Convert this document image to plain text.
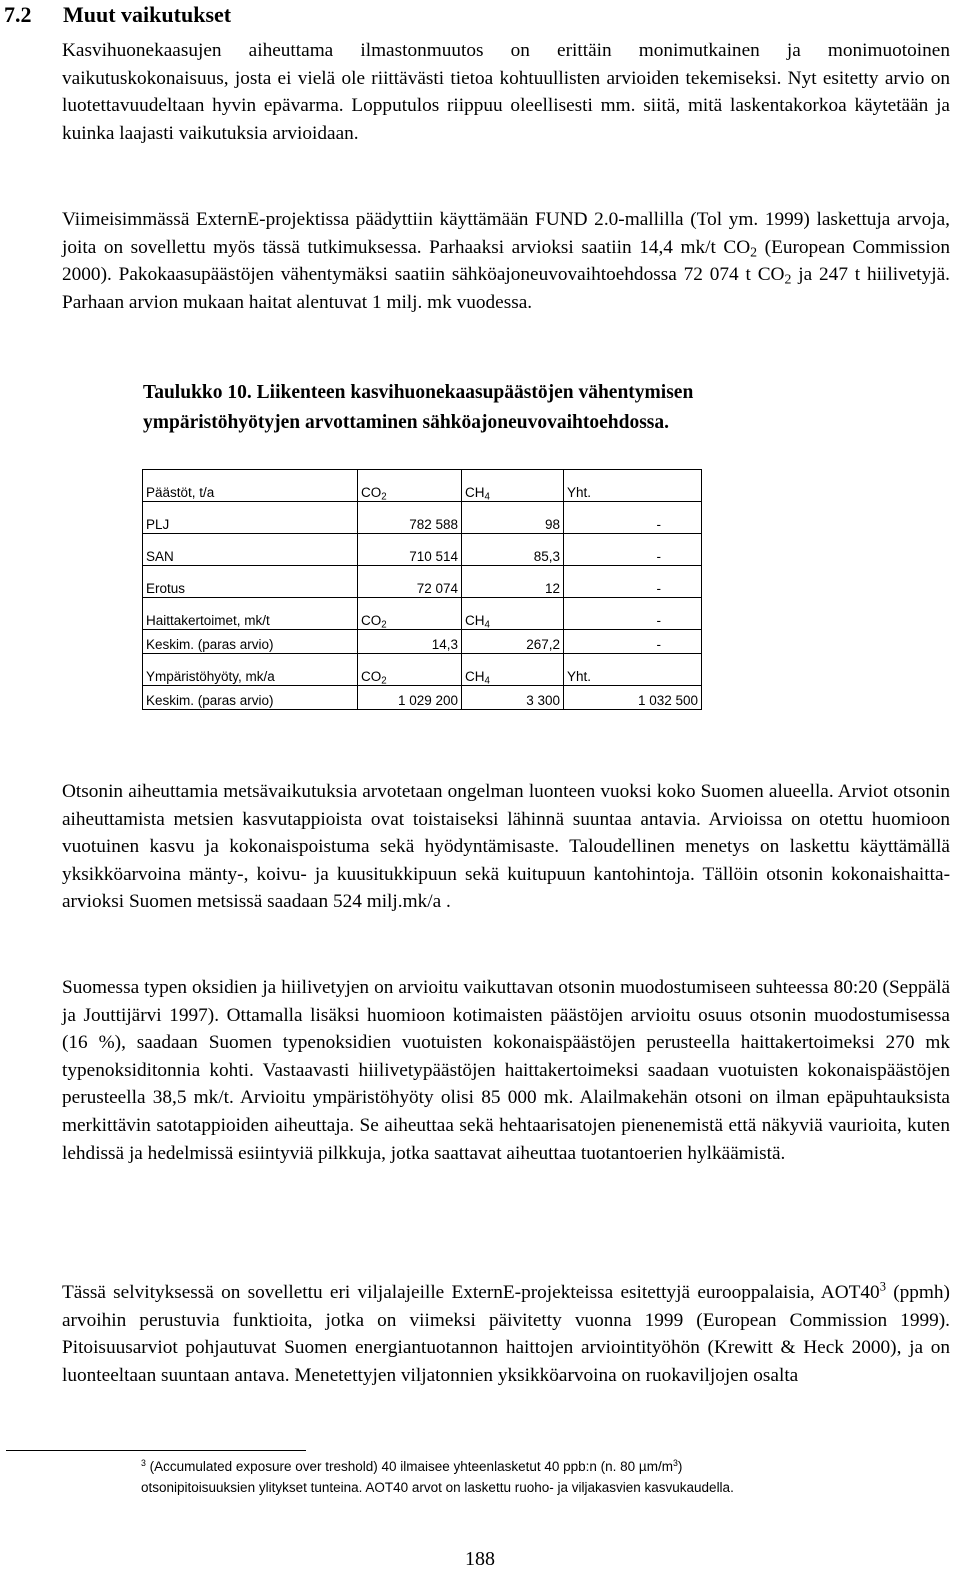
7.2 Muut vaikutukset

Kasvihuonekaasujen aiheuttama ilmastonmuutos on erittäin monimutkainen ja monimuotoinen vaikutuskokonaisuus, josta ei vielä ole riittävästi tietoa kohtuullisten arvioiden tekemiseksi. Nyt esitetty arvio on luotettavuudeltaan hyvin epävarma. Lopputulos riippuu oleellisesti mm. siitä, mitä laskentakorkoa käytetään ja kuinka laajasti vaikutuksia arvioidaan.

Viimeisimmässä ExternE-projektissa päädyttiin käyttämään FUND 2.0-mallilla (Tol ym. 1999) laskettuja arvoja, joita on sovellettu myös tässä tutkimuksessa. Parhaaksi arvioksi saatiin 14,4 mk/t $CO_2$ (European Commission 2000). Pakokaasupäästöjen vähentymäksi saatiin sähköajoneuvovaihtoehdossa 72 074 t $CO_2$ ja 247 t hiilivetyjä. Parhaan arvion mukaan haitat alentuvat 1 milj. mk vuodessa.

Taulukko 10. Liikenteen kasvihuonekaasupäästöjen vähentymisen
ympäristöhyötyjen arvottaminen sähköajoneuvovaihtoehdossa.
Päästöt, t/a	$CO_2$	$CH_4$	Yht.
PLJ	782 588	98	-
SAN	710 514	85,3	-
Erotus	72 074	12	-
Haittakertoimet, mk/t	$CO_2$	$CH_4$	-
Keskim. (paras arvio)	14,3	267,2	-
Ympäristöhyöty, mk/a	$CO_2$	$CH_4$	Yht.
Keskim. (paras arvio)	1 029 200	3 300	1 032 500

Otsonin aiheuttamia metsävaikutuksia arvotetaan ongelman luonteen vuoksi koko Suomen alueella. Arviot otsonin aiheuttamista metsien kasvutappioista ovat toistaiseksi lähinnä suuntaa antavia. Arvioissa on otettu huomioon vuotuinen kasvu ja kokonaispoistuma sekä hyödyntämisaste. Taloudellinen menetys on laskettu käyttämällä yksikköarvoina mänty-, koivu- ja kuusitukkipuun sekä kuitupuun kantohintoja. Tällöin otsonin kokonaishaitta-arvioksi Suomen metsissä saadaan 524 milj.mk/a .

Suomessa typen oksidien ja hiilivetyjen on arvioitu vaikuttavan otsonin muodostumiseen suhteessa 80:20 (Seppälä ja Jouttijärvi 1997). Ottamalla lisäksi huomioon kotimaisten päästöjen arvioitu osuus otsonin muodostumisessa (16 %), saadaan Suomen typenoksidien vuotuisten kokonaispäästöjen perusteella haittakertoimeksi 270 mk typenoksiditonnia kohti. Vastaavasti hiilivetypäästöjen haittakertoimeksi saadaan vuotuisten kokonaispäästöjen perusteella 38,5 mk/t. Arvioitu ympäristöhyöty olisi 85 000 mk. Alailmakehän otsoni on ilman epäpuhtauksista merkittävin satotappioiden aiheuttaja. Se aiheuttaa sekä hehtaarisatojen pienenemistä että näkyviä vaurioita, kuten lehdissä ja hedelmissä esiintyviä pilkkuja, jotka saattavat aiheuttaa tuotantoerien hylkäämistä.

Tässä selvityksessä on sovellettu eri viljalajeille ExternE-projekteissa esitettyjä eurooppalaisia, $AOT40^3$ (ppmh) arvoihin perustuvia funktioita, jotka on viimeksi päivitetty vuonna 1999 (European Commission 1999). Pitoisuusarviot pohjautuvat Suomen energiantuotannon haittojen arviointityöhön (Krewitt & Heck 2000), ja on luonteeltaan suuntaan antava. Menetettyjen viljatonnien yksikköarvoina on ruokaviljojen osalta

$^3$ (Accumulated exposure over treshold) 40 ilmaisee yhteenlasketut 40 ppb:n (n. 80 $\mu m/m^3$)
otsonipitoisuuksien ylitykset tunteina. AOT40 arvot on laskettu ruoho- ja viljakasvien kasvukaudella.
188
